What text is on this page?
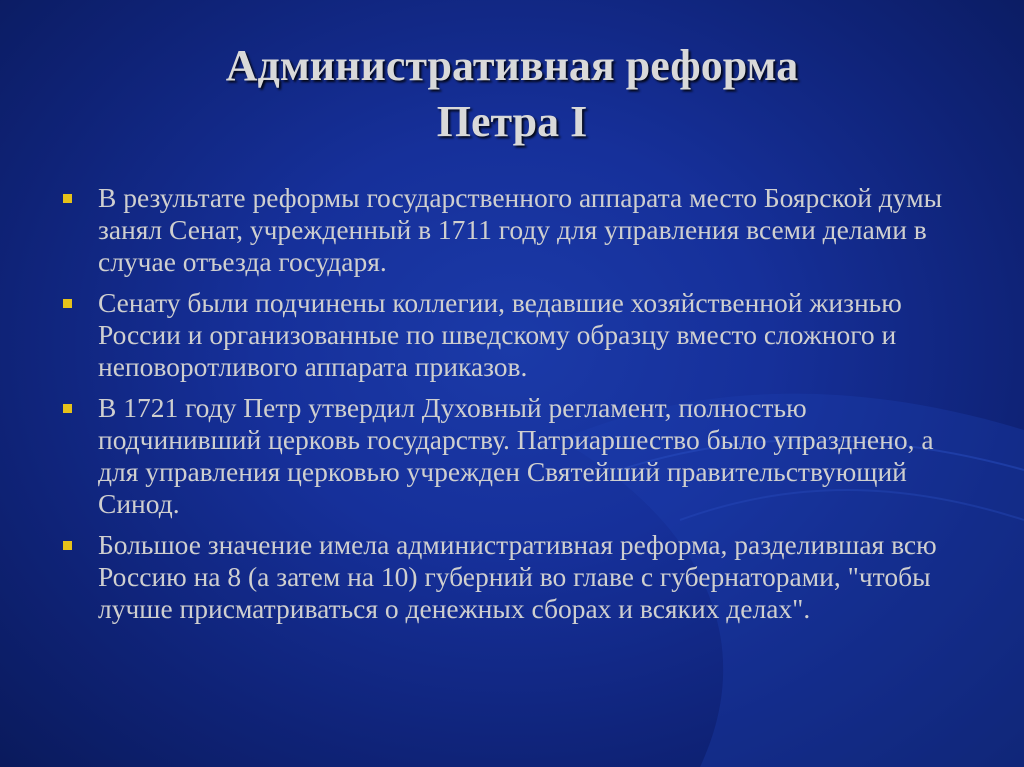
Административная реформа
Петра I
В результате реформы государственного аппарата место Боярской думы занял Сенат, учрежденный в 1711 году для управления всеми делами в случае отъезда государя.
Сенату были подчинены коллегии, ведавшие хозяйственной жизнью России и организованные по шведскому образцу вместо сложного и неповоротливого аппарата приказов.
В 1721 году Петр утвердил Духовный регламент, полностью подчинивший церковь государству. Патриаршество было упразднено, а для управления церковью учрежден Святейший правительствующий Синод.
Большое значение имела административная реформа, разделившая всю Россию на 8 (а затем на 10) губерний во главе с губернаторами, "чтобы лучше присматриваться о денежных сборах и всяких делах".
